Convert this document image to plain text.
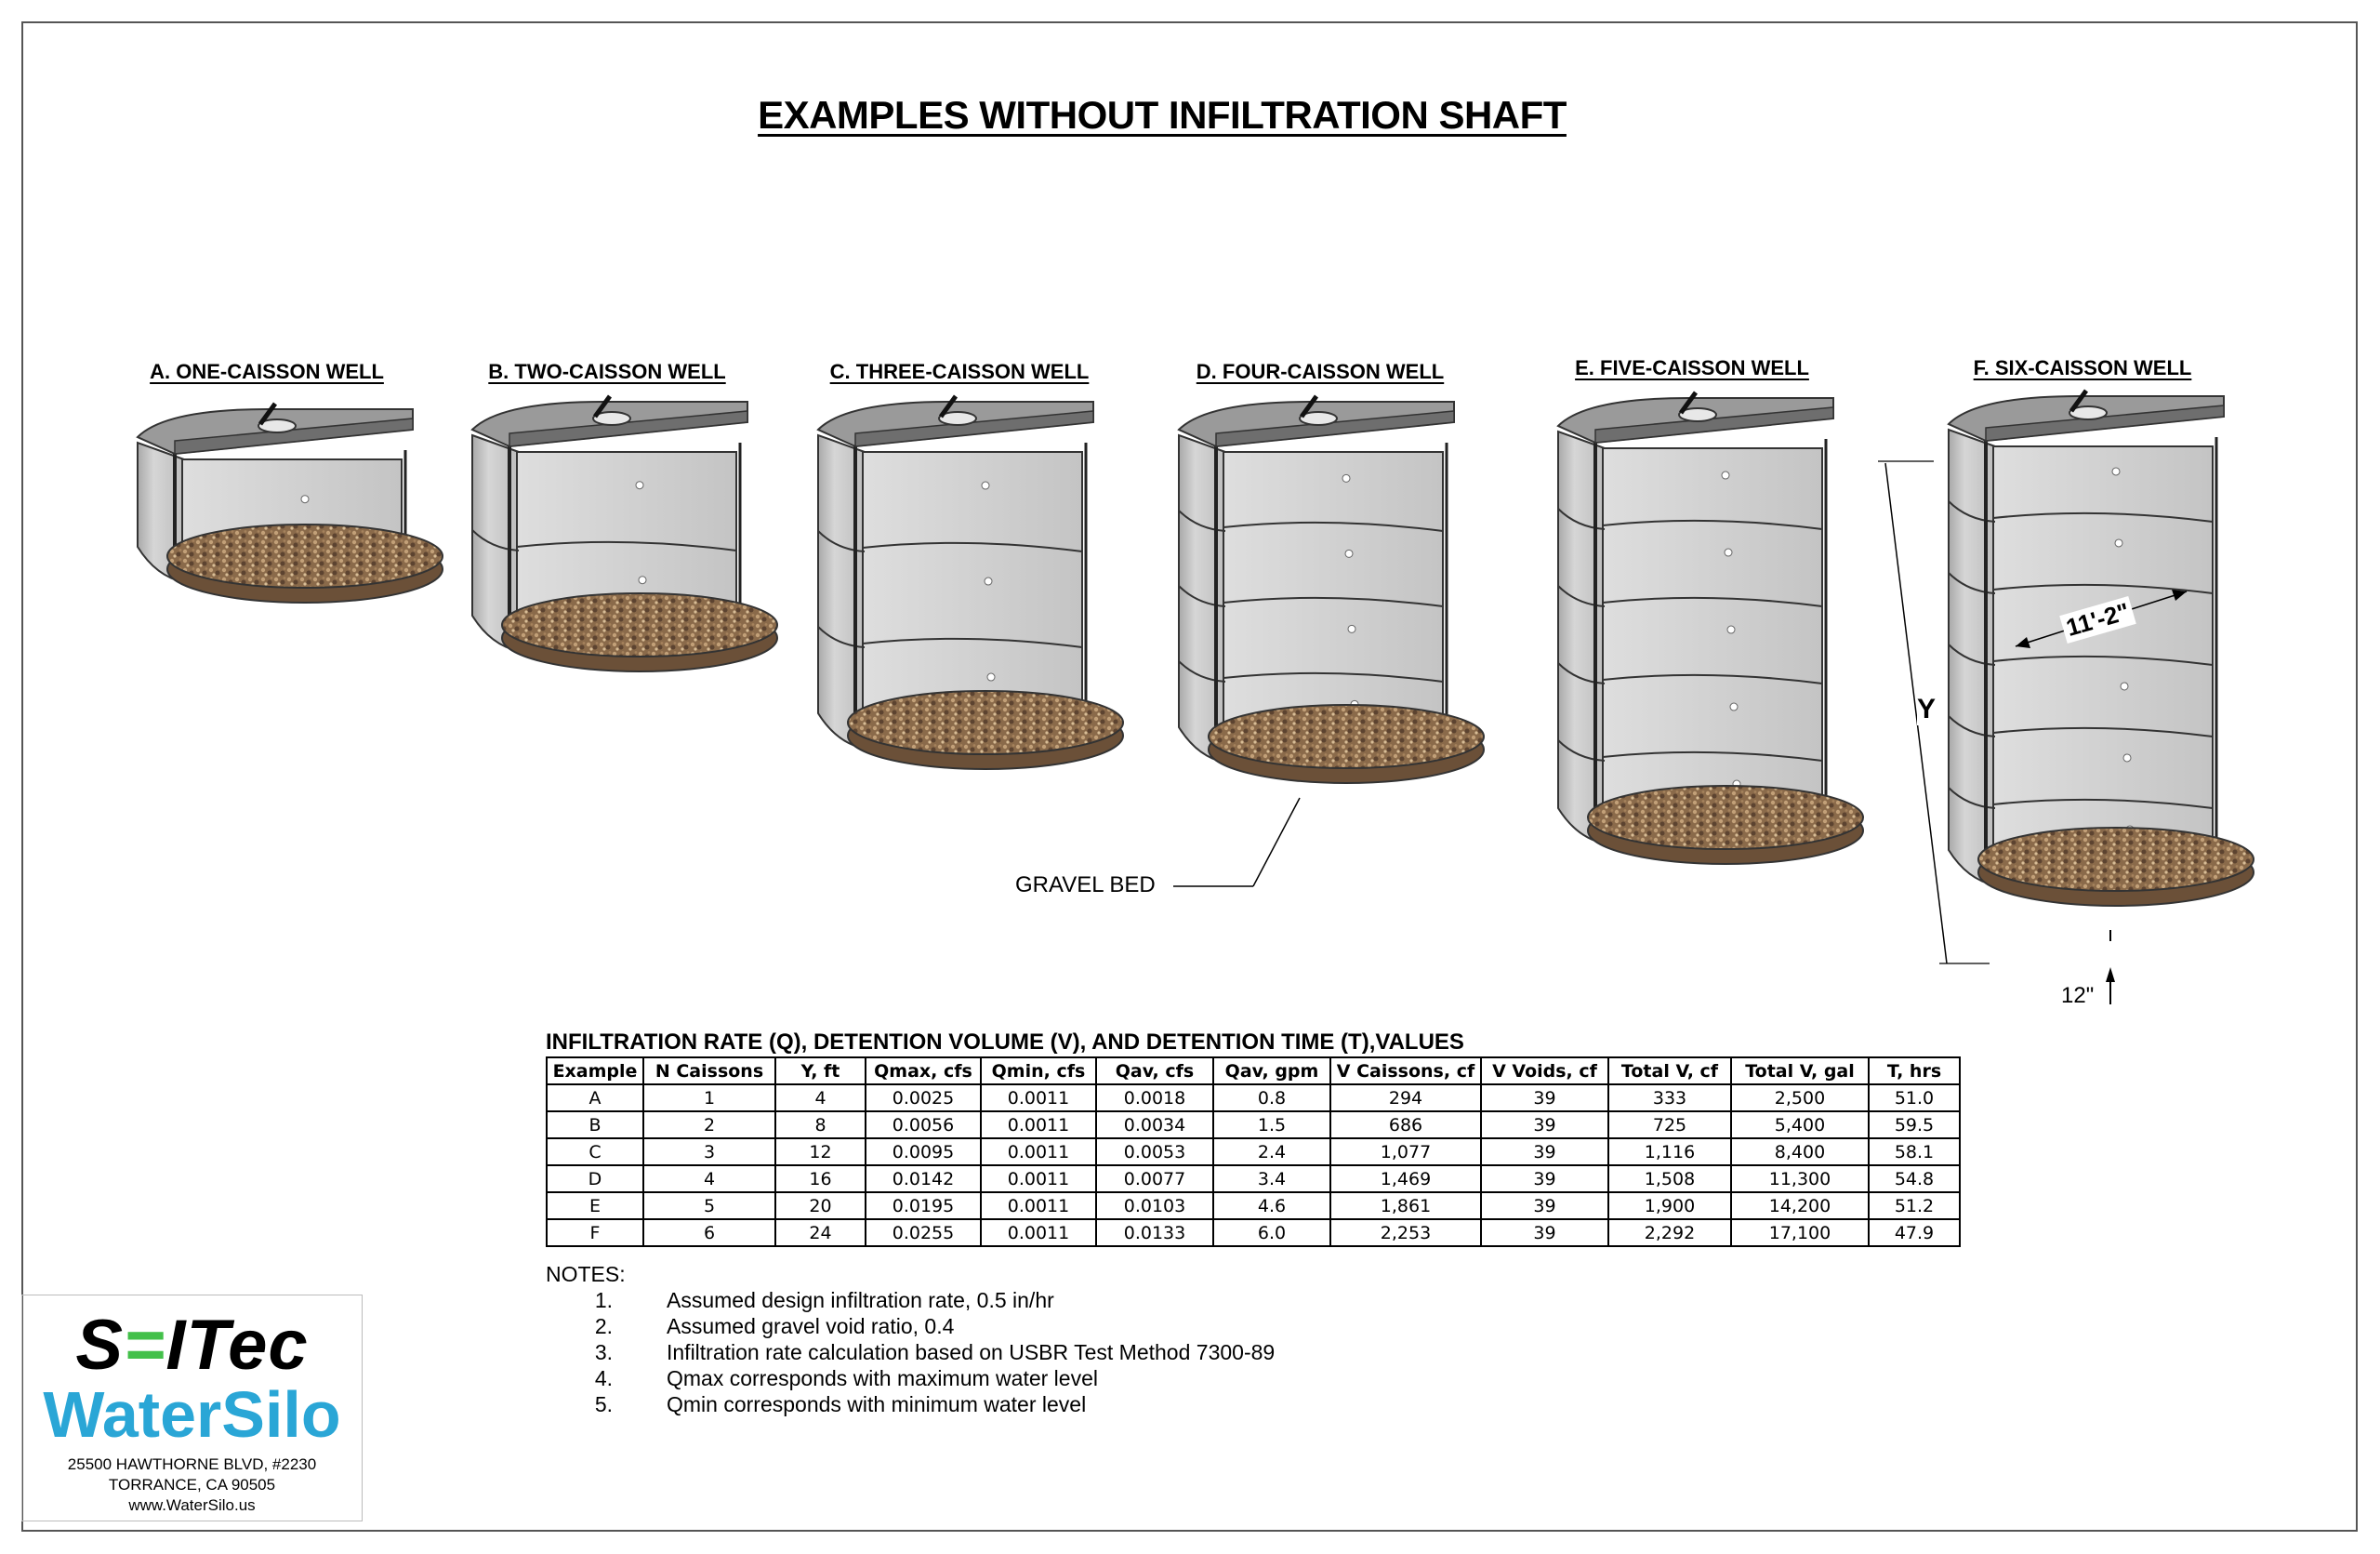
EXAMPLES WITHOUT INFILTRATION SHAFT
A. ONE-CAISSON WELL	B. TWO-CAISSON WELL	C. THREE-CAISSON WELL	D. FOUR-CAISSON WELL	E. FIVE-CAISSON WELL	F. SIX-CAISSON WELL
GRAVEL BED
11'-2"
Y
12"
INFILTRATION RATE (Q), DETENTION VOLUME (V), AND DETENTION TIME (T),VALUES
Example	N Caissons	Y, ft	Qmax, cfs	Qmin, cfs	Qav, cfs	Qav, gpm	V Caissons, cf	V Voids, cf	Total V, cf	Total V, gal	T, hrs
A	1	4	0.0025	0.0011	0.0018	0.8	294	39	333	2,500	51.0
B	2	8	0.0056	0.0011	0.0034	1.5	686	39	725	5,400	59.5
C	3	12	0.0095	0.0011	0.0053	2.4	1,077	39	1,116	8,400	58.1
D	4	16	0.0142	0.0011	0.0077	3.4	1,469	39	1,508	11,300	54.8
E	5	20	0.0195	0.0011	0.0103	4.6	1,861	39	1,900	14,200	51.2
F	6	24	0.0255	0.0011	0.0133	6.0	2,253	39	2,292	17,100	47.9
NOTES:
1.	Assumed design infiltration rate, 0.5 in/hr
2.	Assumed gravel void ratio, 0.4
3.	Infiltration rate calculation based on USBR Test Method 7300-89
4.	Qmax corresponds with maximum water level
5.	Qmin corresponds with minimum water level
S=ITec
WaterSilo
25500 HAWTHORNE BLVD, #2230
TORRANCE, CA 90505
www.WaterSilo.us
